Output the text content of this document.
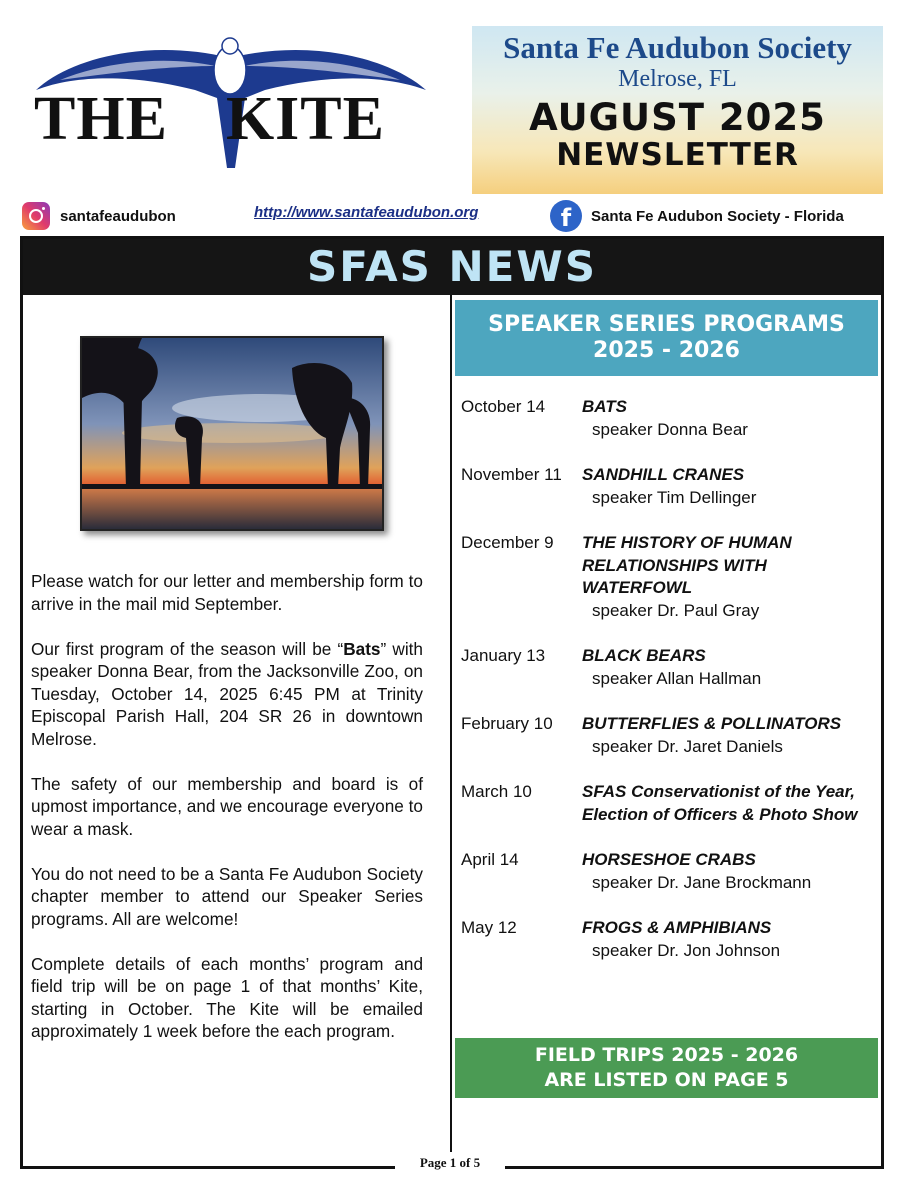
THE KITE
Santa Fe Audubon Society
Melrose, FL
AUGUST 2025
NEWSLETTER
santafeaudubon	http://www.santafeaudubon.org	f	Santa Fe Audubon Society - Florida
SFAS NEWS

Please watch for our letter and membership form to arrive in the mail mid September.

Our first program of the season will be “Bats” with speaker Donna Bear, from the Jacksonville Zoo, on Tuesday, October 14, 2025 6:45 PM at Trinity Episcopal Parish Hall, 204 SR 26 in downtown Melrose.

The safety of our membership and board is of upmost importance, and we encourage everyone to wear a mask.

You do not need to be a Santa Fe Audubon Society chapter member to attend our Speaker Series programs. All are welcome!

Complete details of each months’ program and field trip will be on page 1 of that months’ Kite, starting in October. The Kite will be emailed approximately 1 week before the each program.

SPEAKER SERIES PROGRAMS
2025 - 2026
October 14	BATS
speaker Donna Bear
November 11	SANDHILL CRANES
speaker Tim Dellinger
December 9	THE HISTORY OF HUMAN RELATIONSHIPS WITH WATERFOWL
speaker Dr. Paul Gray
January 13	BLACK BEARS
speaker Allan Hallman
February 10	BUTTERFLIES & POLLINATORS
speaker Dr. Jaret Daniels
March 10	SFAS Conservationist of the Year, Election of Officers & Photo Show
April 14	HORSESHOE CRABS
speaker Dr. Jane Brockmann
May 12	FROGS & AMPHIBIANS
speaker Dr. Jon Johnson
FIELD TRIPS 2025 - 2026
ARE LISTED ON PAGE 5
Page 1 of 5
